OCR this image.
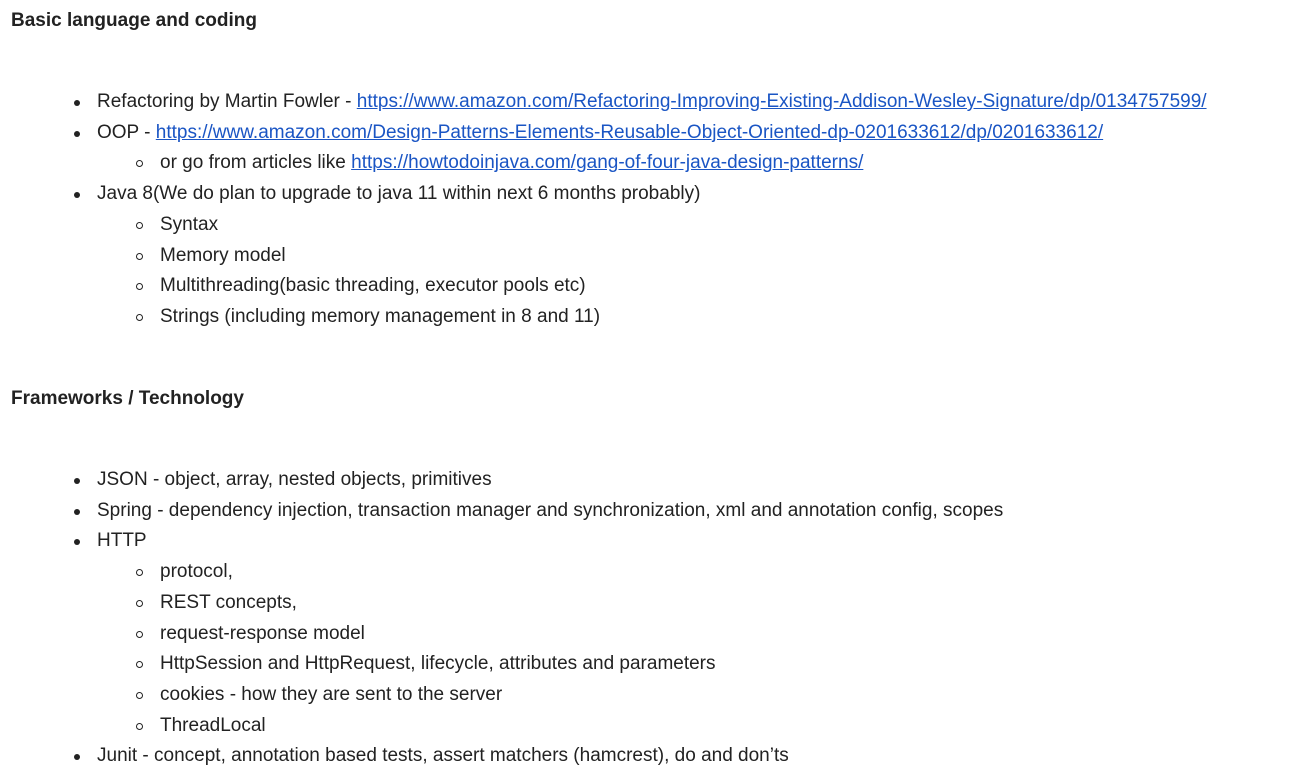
Basic language and coding
Refactoring by Martin Fowler - https://www.amazon.com/Refactoring-Improving-Existing-Addison-Wesley-Signature/dp/0134757599/
OOP - https://www.amazon.com/Design-Patterns-Elements-Reusable-Object-Oriented-dp-0201633612/dp/0201633612/
or go from articles like https://howtodoinjava.com/gang-of-four-java-design-patterns/
Java 8(We do plan to upgrade to java 11 within next 6 months probably)
Syntax
Memory model
Multithreading(basic threading, executor pools etc)
Strings (including memory management in 8 and 11)
Frameworks / Technology
JSON - object, array, nested objects, primitives
Spring - dependency injection, transaction manager and synchronization, xml and annotation config, scopes
HTTP
protocol,
REST concepts,
request-response model
HttpSession and HttpRequest, lifecycle, attributes and parameters
cookies - how they are sent to the server
ThreadLocal
Junit - concept, annotation based tests, assert matchers (hamcrest), do and don’ts
